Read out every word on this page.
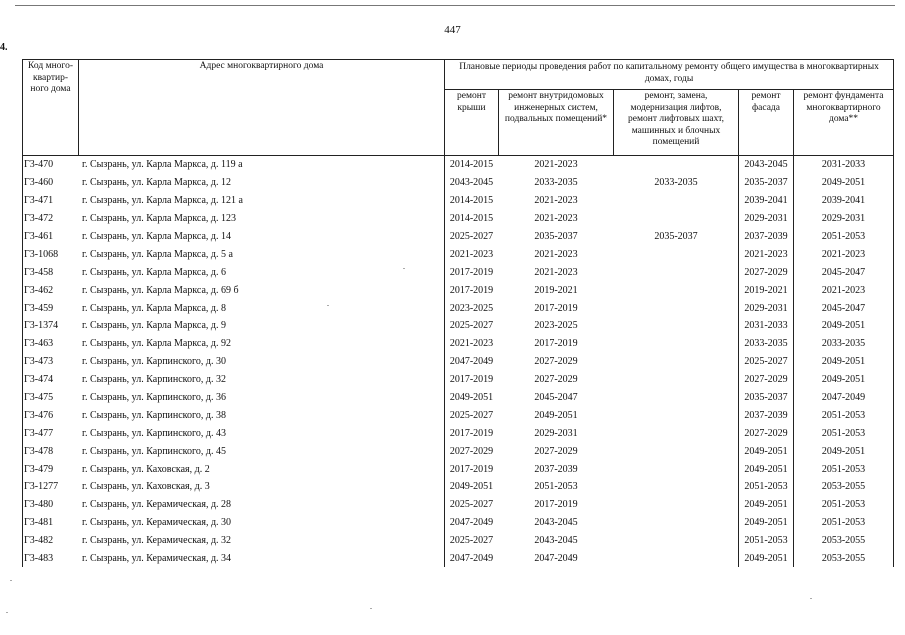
447
4.
Код много-квартир-ного дома	Адрес многоквартирного дома	Плановые периоды проведения работ по капитальному ремонту общего имущества в многоквартирных домах, годы				
		ремонт крыши	ремонт внутридомовых инженерных систем, подвальных помещений*	ремонт, замена, модернизация лифтов, ремонт лифтовых шахт, машинных и блочных помещений	ремонт фасада	ремонт фундамента многоквартирного дома**
Г3-470	г. Сызрань, ул. Карла Маркса, д. 119 а	2014-2015	2021-2023		2043-2045	2031-2033
Г3-460	г. Сызрань, ул. Карла Маркса, д. 12	2043-2045	2033-2035	2033-2035	2035-2037	2049-2051
Г3-471	г. Сызрань, ул. Карла Маркса, д. 121 а	2014-2015	2021-2023		2039-2041	2039-2041
Г3-472	г. Сызрань, ул. Карла Маркса, д. 123	2014-2015	2021-2023		2029-2031	2029-2031
Г3-461	г. Сызрань, ул. Карла Маркса, д. 14	2025-2027	2035-2037	2035-2037	2037-2039	2051-2053
Г3-1068	г. Сызрань, ул. Карла Маркса, д. 5 а	2021-2023	2021-2023		2021-2023	2021-2023
Г3-458	г. Сызрань, ул. Карла Маркса, д. 6	2017-2019	2021-2023		2027-2029	2045-2047
Г3-462	г. Сызрань, ул. Карла Маркса, д. 69 б	2017-2019	2019-2021		2019-2021	2021-2023
Г3-459	г. Сызрань, ул. Карла Маркса, д. 8	2023-2025	2017-2019		2029-2031	2045-2047
Г3-1374	г. Сызрань, ул. Карла Маркса, д. 9	2025-2027	2023-2025		2031-2033	2049-2051
Г3-463	г. Сызрань, ул. Карла Маркса, д. 92	2021-2023	2017-2019		2033-2035	2033-2035
Г3-473	г. Сызрань, ул. Карпинского, д. 30	2047-2049	2027-2029		2025-2027	2049-2051
Г3-474	г. Сызрань, ул. Карпинского, д. 32	2017-2019	2027-2029		2027-2029	2049-2051
Г3-475	г. Сызрань, ул. Карпинского, д. 36	2049-2051	2045-2047		2035-2037	2047-2049
Г3-476	г. Сызрань, ул. Карпинского, д. 38	2025-2027	2049-2051		2037-2039	2051-2053
Г3-477	г. Сызрань, ул. Карпинского, д. 43	2017-2019	2029-2031		2027-2029	2051-2053
Г3-478	г. Сызрань, ул. Карпинского, д. 45	2027-2029	2027-2029		2049-2051	2049-2051
Г3-479	г. Сызрань, ул. Каховская, д. 2	2017-2019	2037-2039		2049-2051	2051-2053
Г3-1277	г. Сызрань, ул. Каховская, д. 3	2049-2051	2051-2053		2051-2053	2053-2055
Г3-480	г. Сызрань, ул. Керамическая, д. 28	2025-2027	2017-2019		2049-2051	2051-2053
Г3-481	г. Сызрань, ул. Керамическая, д. 30	2047-2049	2043-2045		2049-2051	2051-2053
Г3-482	г. Сызрань, ул. Керамическая, д. 32	2025-2027	2043-2045		2051-2053	2053-2055
Г3-483	г. Сызрань, ул. Керамическая, д. 34	2047-2049	2047-2049		2049-2051	2053-2055
